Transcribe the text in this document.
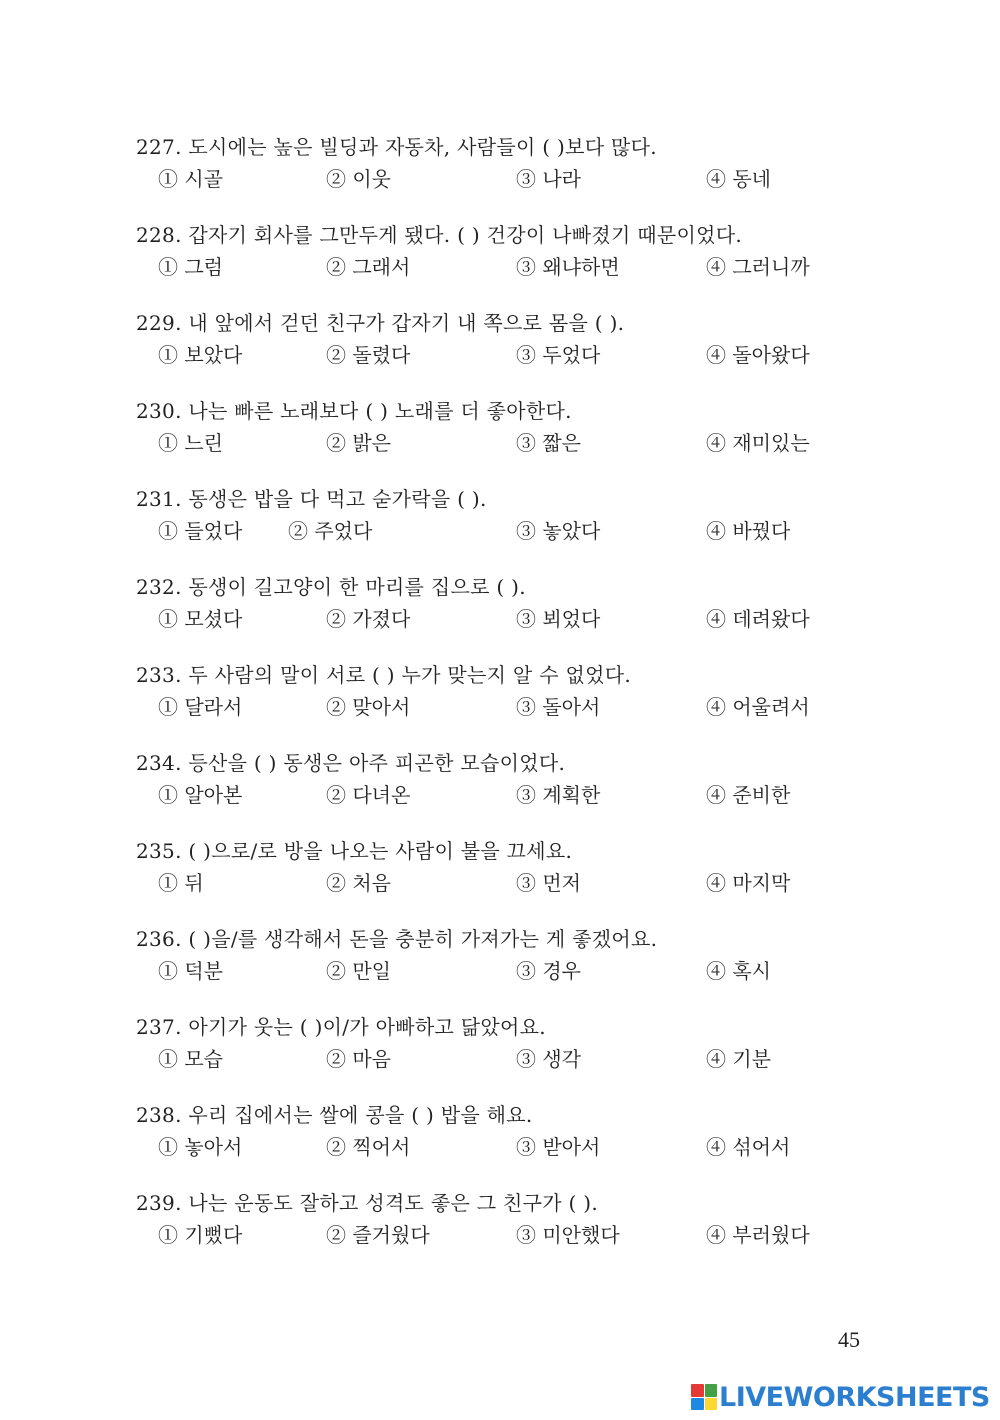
227. 도시에는 높은 빌딩과 자동차, 사람들이 ( )보다 많다.
① 시골	② 이웃	③ 나라	④ 동네
228. 갑자기 회사를 그만두게 됐다. ( ) 건강이 나빠졌기 때문이었다.
① 그럼	② 그래서	③ 왜냐하면	④ 그러니까
229. 내 앞에서 걷던 친구가 갑자기 내 쪽으로 몸을 ( ).
① 보았다	② 돌렸다	③ 두었다	④ 돌아왔다
230. 나는 빠른 노래보다 ( ) 노래를 더 좋아한다.
① 느린	② 밝은	③ 짧은	④ 재미있는
231. 동생은 밥을 다 먹고 숟가락을 ( ).
① 들었다 ② 주었다	③ 놓았다	④ 바꿨다
232. 동생이 길고양이 한 마리를 집으로 ( ).
① 모셨다	② 가졌다	③ 뵈었다	④ 데려왔다
233. 두 사람의 말이 서로 ( ) 누가 맞는지 알 수 없었다.
① 달라서	② 맞아서	③ 돌아서	④ 어울려서
234. 등산을 ( ) 동생은 아주 피곤한 모습이었다.
① 알아본	② 다녀온	③ 계획한	④ 준비한
235. ( )으로/로 방을 나오는 사람이 불을 끄세요.
① 뒤	② 처음	③ 먼저	④ 마지막
236. ( )을/를 생각해서 돈을 충분히 가져가는 게 좋겠어요.
① 덕분	② 만일	③ 경우	④ 혹시
237. 아기가 웃는 ( )이/가 아빠하고 닮았어요.
① 모습	② 마음	③ 생각	④ 기분
238. 우리 집에서는 쌀에 콩을 ( ) 밥을 해요.
① 놓아서	② 찍어서	③ 받아서	④ 섞어서
239. 나는 운동도 잘하고 성격도 좋은 그 친구가 ( ).
① 기뻤다	② 즐거웠다	③ 미안했다	④ 부러웠다
45
LIVEWORKSHEETS
